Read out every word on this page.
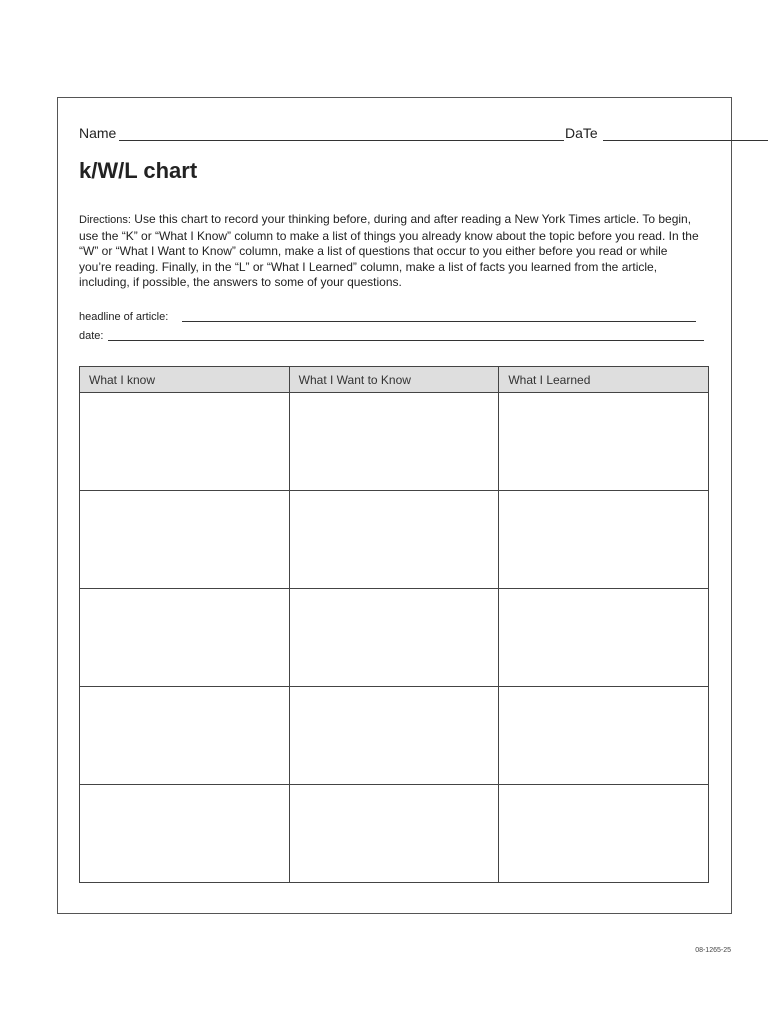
Name	DaTe
k/W/L chart

Directions: Use this chart to record your thinking before, during and after reading a New York Times article. To begin, use the “K” or “What I Know” column to make a list of things you already know about the topic before you read. In the “W” or “What I Want to Know” column, make a list of questions that occur to you either before you read or while you’re reading. Finally, in the “L” or “What I Learned” column, make a list of facts you learned from the article, including, if possible, the answers to some of your questions.

headline of article:
date:
What I know	What I Want to Know	What I Learned

08-1265-25
